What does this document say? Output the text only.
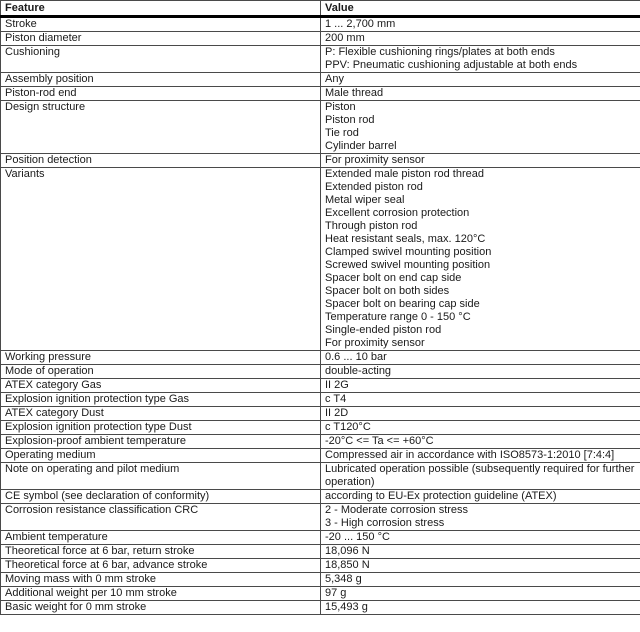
Feature	Value
Stroke	1 ... 2,700 mm

Piston diameter	200 mm

Cushioning	P: Flexible cushioning rings/plates at both ends
PPV: Pneumatic cushioning adjustable at both ends

Assembly position	Any

Piston-rod end	Male thread

Design structure	Piston
Piston rod
Tie rod
Cylinder barrel

Position detection	For proximity sensor

Variants	Extended male piston rod thread
Extended piston rod
Metal wiper seal
Excellent corrosion protection
Through piston rod
Heat resistant seals, max. 120°C
Clamped swivel mounting position
Screwed swivel mounting position
Spacer bolt on end cap side
Spacer bolt on both sides
Spacer bolt on bearing cap side
Temperature range 0 - 150 °C
Single-ended piston rod
For proximity sensor

Working pressure	0.6 ... 10 bar

Mode of operation	double-acting

ATEX category Gas	II 2G

Explosion ignition protection type Gas	c T4

ATEX category Dust	II 2D

Explosion ignition protection type Dust	c T120°C

Explosion-proof ambient temperature	-20°C <= Ta <= +60°C

Operating medium	Compressed air in accordance with ISO8573-1:2010 [7:4:4]

Note on operating and pilot medium	Lubricated operation possible (subsequently required for further operation)

CE symbol (see declaration of conformity)	according to EU-Ex protection guideline (ATEX)

Corrosion resistance classification CRC	2 - Moderate corrosion stress
3 - High corrosion stress

Ambient temperature	-20 ... 150 °C

Theoretical force at 6 bar, return stroke	18,096 N

Theoretical force at 6 bar, advance stroke	18,850 N

Moving mass with 0 mm stroke	5,348 g

Additional weight per 10 mm stroke	97 g

Basic weight for 0 mm stroke	15,493 g
